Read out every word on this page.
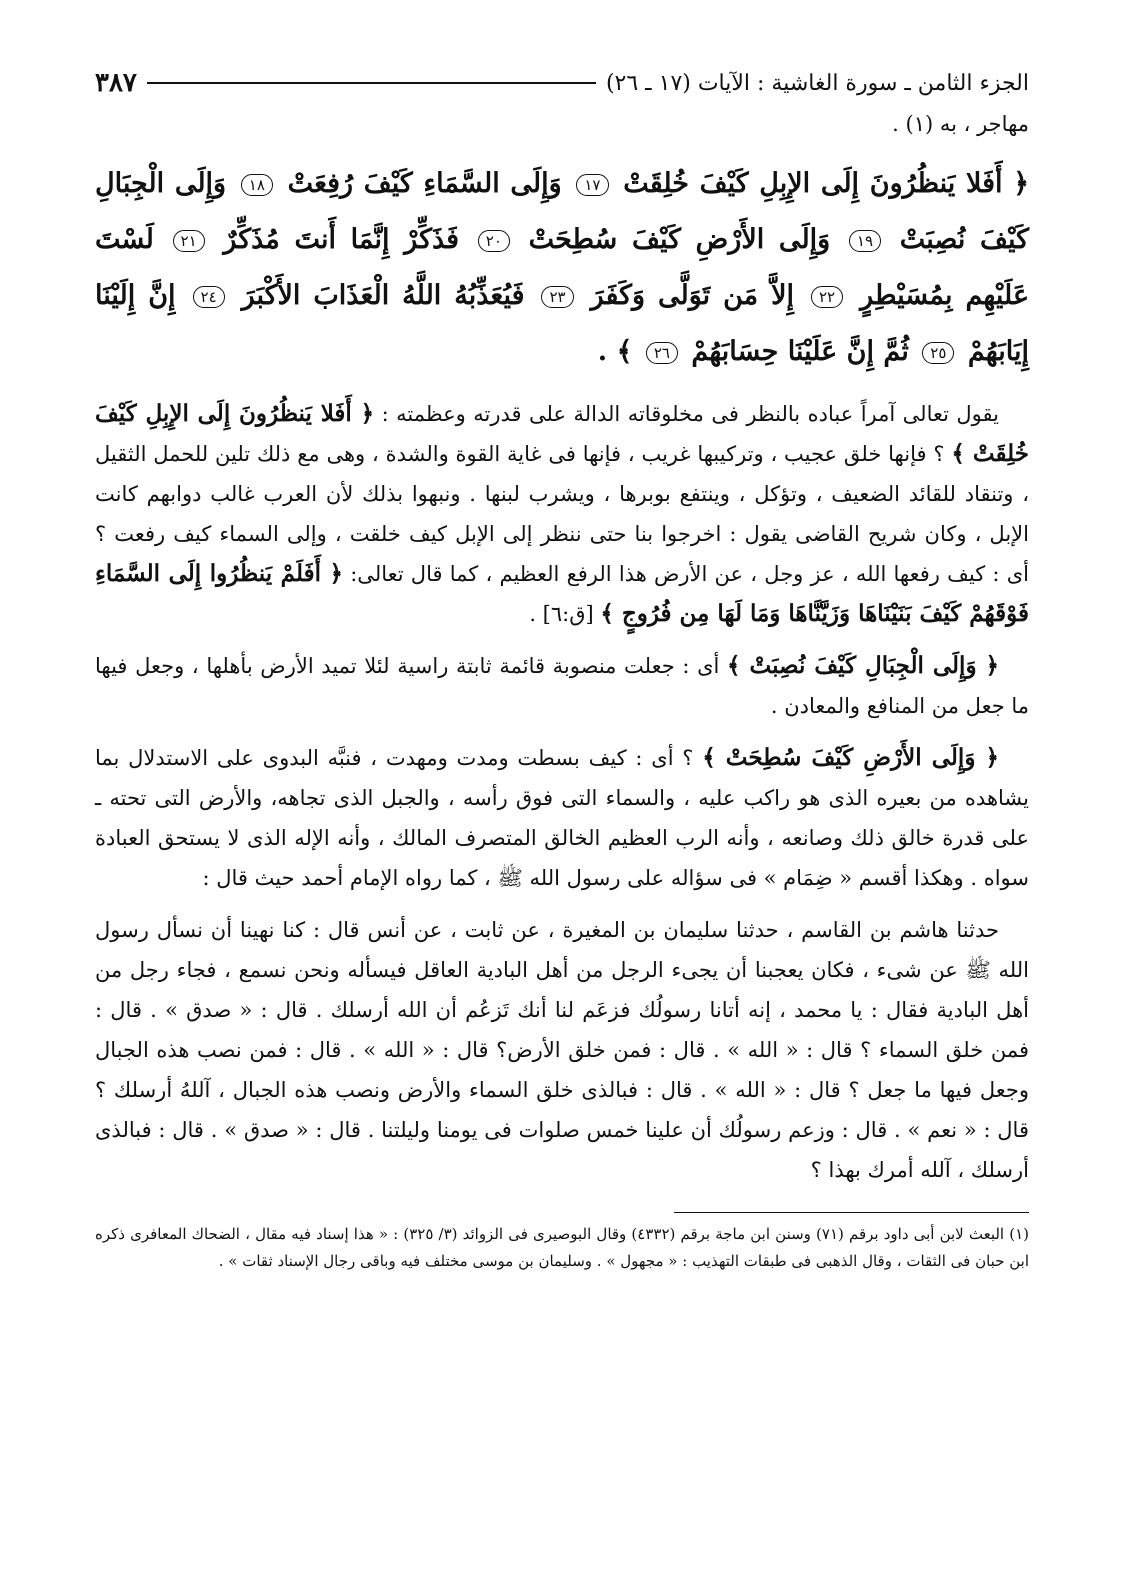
الجزء الثامن ـ سورة الغاشية : الآيات (١٧ ـ ٢٦)
٣٨٧
مهاجر ، به (١) .
﴿ أَفَلا يَنظُرُونَ إِلَى الإِبِلِ كَيْفَ خُلِقَتْ ١٧ وَإِلَى السَّمَاءِ كَيْفَ رُفِعَتْ ١٨ وَإِلَى الْجِبَالِ كَيْفَ نُصِبَتْ ١٩ وَإِلَى الأَرْضِ كَيْفَ سُطِحَتْ ٢٠ فَذَكِّرْ إِنَّمَا أَنتَ مُذَكِّرٌ ٢١ لَسْتَ عَلَيْهِم بِمُسَيْطِرٍ ٢٢ إِلاَّ مَن تَوَلَّى وَكَفَرَ ٢٣ فَيُعَذِّبُهُ اللَّهُ الْعَذَابَ الأَكْبَرَ ٢٤ إِنَّ إِلَيْنَا إِيَابَهُمْ ٢٥ ثُمَّ إِنَّ عَلَيْنَا حِسَابَهُمْ ٢٦ ﴾ .

يقول تعالى آمراً عباده بالنظر فى مخلوقاته الدالة على قدرته وعظمته : ﴿ أَفَلا يَنظُرُونَ إِلَى الإِبِلِ كَيْفَ خُلِقَتْ ﴾ ؟ فإنها خلق عجيب ، وتركيبها غريب ، فإنها فى غاية القوة والشدة ، وهى مع ذلك تلين للحمل الثقيل ، وتنقاد للقائد الضعيف ، وتؤكل ، وينتفع بوبرها ، ويشرب لبنها . ونبهوا بذلك لأن العرب غالب دوابهم كانت الإبل ، وكان شريح القاضى يقول : اخرجوا بنا حتى ننظر إلى الإبل كيف خلقت ، وإلى السماء كيف رفعت ؟ أى : كيف رفعها الله ، عز وجل ، عن الأرض هذا الرفع العظيم ، كما قال تعالى: ﴿ أَفَلَمْ يَنظُرُوا إِلَى السَّمَاءِ فَوْقَهُمْ كَيْفَ بَنَيْنَاهَا وَزَيَّنَّاهَا وَمَا لَهَا مِن فُرُوجٍ ﴾ [ق:٦] .

﴿ وَإِلَى الْجِبَالِ كَيْفَ نُصِبَتْ ﴾ أى : جعلت منصوبة قائمة ثابتة راسية لئلا تميد الأرض بأهلها ، وجعل فيها ما جعل من المنافع والمعادن .

﴿ وَإِلَى الأَرْضِ كَيْفَ سُطِحَتْ ﴾ ؟ أى : كيف بسطت ومدت ومهدت ، فنبَّه البدوى على الاستدلال بما يشاهده من بعيره الذى هو راكب عليه ، والسماء التى فوق رأسه ، والجبل الذى تجاهه، والأرض التى تحته ـ على قدرة خالق ذلك وصانعه ، وأنه الرب العظيم الخالق المتصرف المالك ، وأنه الإله الذى لا يستحق العبادة سواه . وهكذا أقسم « ضِمَام » فى سؤاله على رسول الله ﷺ ، كما رواه الإمام أحمد حيث قال :

حدثنا هاشم بن القاسم ، حدثنا سليمان بن المغيرة ، عن ثابت ، عن أنس قال : كنا نهينا أن نسأل رسول الله ﷺ عن شىء ، فكان يعجبنا أن يجىء الرجل من أهل البادية العاقل فيسأله ونحن نسمع ، فجاء رجل من أهل البادية فقال : يا محمد ، إنه أتانا رسولُك فزعَم لنا أنك تَزعُم أن الله أرسلك . قال : « صدق » . قال : فمن خلق السماء ؟ قال : « الله » . قال : فمن خلق الأرض؟ قال : « الله » . قال : فمن نصب هذه الجبال وجعل فيها ما جعل ؟ قال : « الله » . قال : فبالذى خلق السماء والأرض ونصب هذه الجبال ، آللهُ أرسلك ؟ قال : « نعم » . قال : وزعم رسولُك أن علينا خمس صلوات فى يومنا وليلتنا . قال : « صدق » . قال : فبالذى أرسلك ، آلله أمرك بهذا ؟

(١) البعث لابن أبى داود برقم (٧١) وسنن ابن ماجة برقم (٤٣٣٢) وقال البوصيرى فى الزوائد (٣/ ٣٢٥) : « هذا إسناد فيه مقال ، الضحاك المعافرى ذكره ابن حبان فى الثقات ، وقال الذهبى فى طبقات التهذيب : « مجهول » . وسليمان بن موسى مختلف فيه وباقى رجال الإسناد ثقات » .
